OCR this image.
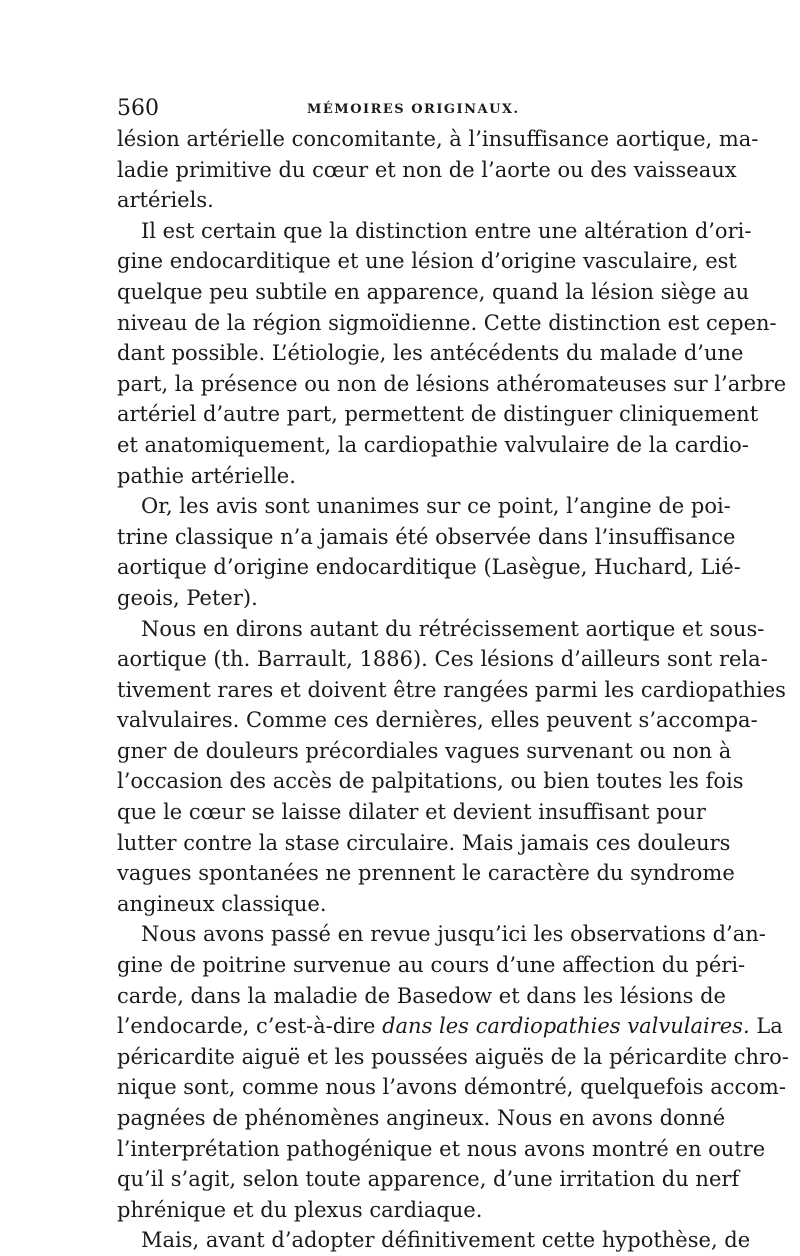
560	MÉMOIRES ORIGINAUX.
lésion artérielle concomitante, à l’insuffisance aortique, ma-
ladie primitive du cœur et non de l’aorte ou des vaisseaux
artériels.
Il est certain que la distinction entre une altération d’ori-
gine endocarditique et une lésion d’origine vasculaire, est
quelque peu subtile en apparence, quand la lésion siège au
niveau de la région sigmoïdienne. Cette distinction est cepen-
dant possible. L’étiologie, les antécédents du malade d’une
part, la présence ou non de lésions athéromateuses sur l’arbre
artériel d’autre part, permettent de distinguer cliniquement
et anatomiquement, la cardiopathie valvulaire de la cardio-
pathie artérielle.
Or, les avis sont unanimes sur ce point, l’angine de poi-
trine classique n’a jamais été observée dans l’insuffisance
aortique d’origine endocarditique (Lasègue, Huchard, Lié-
geois, Peter).
Nous en dirons autant du rétrécissement aortique et sous-
aortique (th. Barrault, 1886). Ces lésions d’ailleurs sont rela-
tivement rares et doivent être rangées parmi les cardiopathies
valvulaires. Comme ces dernières, elles peuvent s’accompa-
gner de douleurs précordiales vagues survenant ou non à
l’occasion des accès de palpitations, ou bien toutes les fois
que le cœur se laisse dilater et devient insuffisant pour
lutter contre la stase circulaire. Mais jamais ces douleurs
vagues spontanées ne prennent le caractère du syndrome
angineux classique.
Nous avons passé en revue jusqu’ici les observations d’an-
gine de poitrine survenue au cours d’une affection du péri-
carde, dans la maladie de Basedow et dans les lésions de
l’endocarde, c’est-à-dire dans les cardiopathies valvulaires. La
péricardite aiguë et les poussées aiguës de la péricardite chro-
nique sont, comme nous l’avons démontré, quelquefois accom-
pagnées de phénomènes angineux. Nous en avons donné
l’interprétation pathogénique et nous avons montré en outre
qu’il s’agit, selon toute apparence, d’une irritation du nerf
phrénique et du plexus cardiaque.
Mais, avant d’adopter définitivement cette hypothèse, de
